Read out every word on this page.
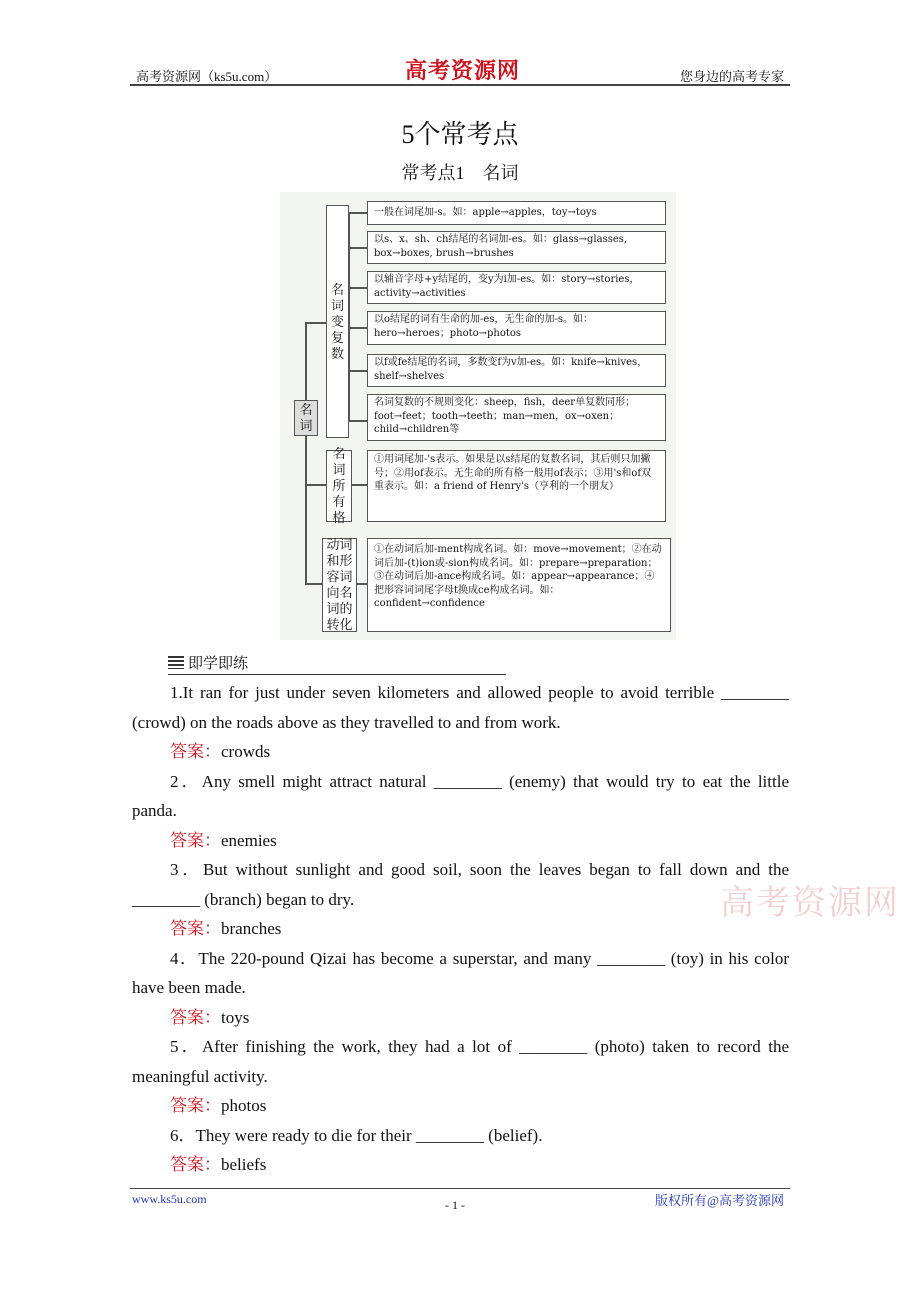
高考资源网（ks5u.com）	高考资源网	您身边的高考专家
5个常考点
常考点1　名词
名词
名词变复数
一般在词尾加-s。如：apple→apples，toy→toys
以s、x、sh、ch结尾的名词加-es。如：glass→glasses, box→boxes, brush→brushes
以辅音字母+y结尾的，变y为i加-es。如：story→stories，activity→activities
以o结尾的词有生命的加-es，无生命的加-s。如：hero→heroes；photo→photos
以f或fe结尾的名词，多数变f为v加-es。如：knife→knives，shelf→shelves
名词复数的不规则变化：sheep，fish，deer单复数同形；foot→feet；tooth→teeth；man→men，ox→oxen；child→children等
名词所有格
①用词尾加-'s表示。如果是以s结尾的复数名词，其后则只加撇号；②用of表示。无生命的所有格一般用of表示；③用's和of双重表示。如：a friend of Henry's（亨利的一个朋友）
动词和形容词向名词的转化
①在动词后加-ment构成名词。如：move→movement；②在动词后加-(t)ion或-sion构成名词。如：prepare→preparation；③在动词后加-ance构成名词。如：appear→appearance；④把形容词词尾字母t换成ce构成名词。如：confident→confidence
即学即练
高考资源网

1.It ran for just under seven kilometers and allowed people to avoid terrible ________ (crowd) on the roads above as they travelled to and from work.

答案：crowds

2．Any smell might attract natural ________ (enemy) that would try to eat the little panda.

答案：enemies

3．But without sunlight and good soil, soon the leaves began to fall down and the ________ (branch) began to dry.

答案：branches

4．The 220-pound Qizai has become a superstar, and many ________ (toy) in his color have been made.

答案：toys

5．After finishing the work, they had a lot of ________ (photo) taken to record the meaningful activity.

答案：photos

6．They were ready to die for their ________ (belief).

答案：beliefs
www.ks5u.com	- 1 -	版权所有@高考资源网
